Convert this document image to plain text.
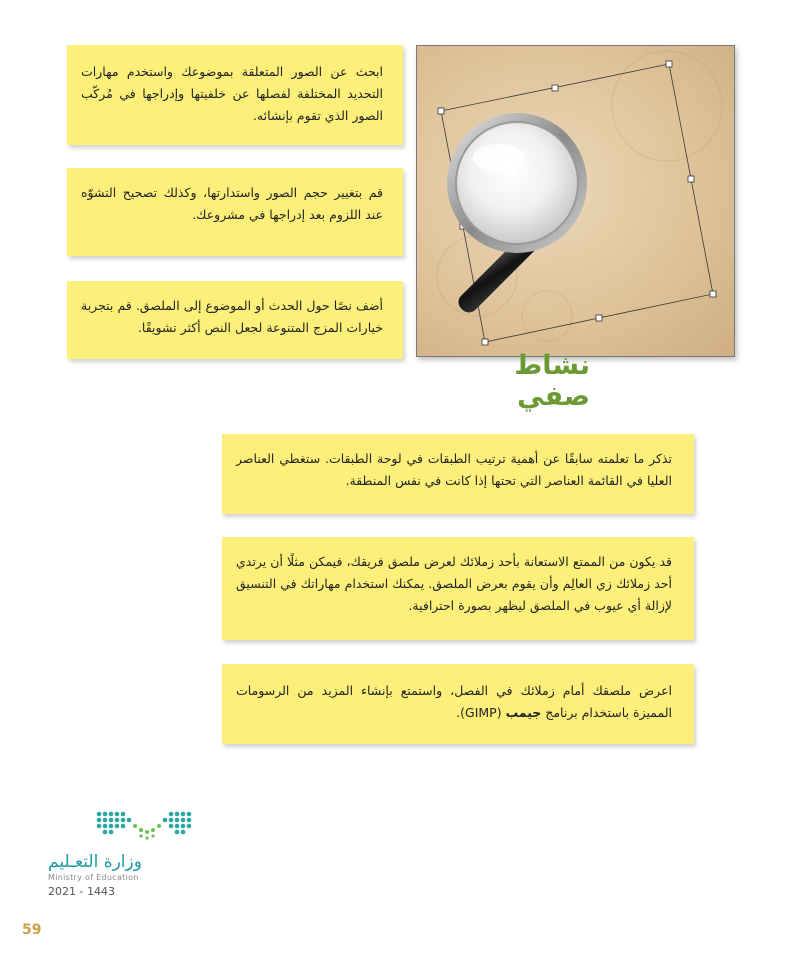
ابحث عن الصور المتعلقة بموضوعك واستخدم مهارات التحديد المختلفة لفصلها عن خلفيتها وإدراجها في مُركّب الصور الذي تقوم بإنشائه.

قم بتغيير حجم الصور واستدارتها، وكذلك تصحيح التشوّه عند اللزوم بعد إدراجها في مشروعك.

أضف نصًا حول الحدث أو الموضوع إلى الملصق. قم بتجربة خيارات المزج المتنوعة لجعل النص أكثر تشويقًا.

نشاط صفي

تذكر ما تعلمته سابقًا عن أهمية ترتيب الطبقات في لوحة الطبقات. ستغطي العناصر العليا في القائمة العناصر التي تحتها إذا كانت في نفس المنطقة.

قد يكون من الممتع الاستعانة بأحد زملائك لعرض ملصق فريقك، فيمكن مثلًا أن يرتدي أحد زملائك زي العالِم وأن يقوم بعرض الملصق. يمكنك استخدام مهاراتك في التنسيق لإزالة أي عيوب في الملصق ليظهر بصورة احترافية.

اعرض ملصقك أمام زملائك في الفصل، واستمتع بإنشاء المزيد من الرسومات المميزة باستخدام برنامج جيمب (GIMP).

وزارة التعـليم
Ministry of Education
2021 - 1443
59
